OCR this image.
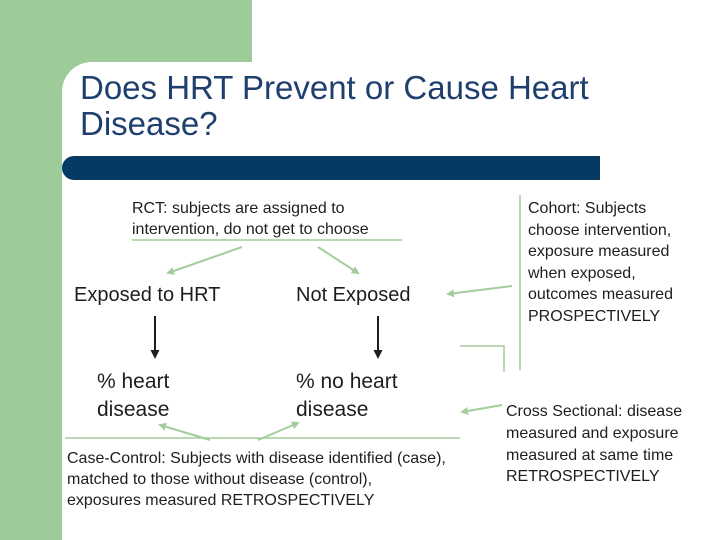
Does HRT Prevent or Cause Heart
Disease?
RCT: subjects are assigned to
intervention, do not get to choose
Cohort: Subjects
choose intervention,
exposure measured
when exposed,
outcomes measured
PROSPECTIVELY
Exposed to HRT	Not Exposed
% heart
disease
% no heart
disease	Cross Sectional: disease
measured and exposure
measured at same time
RETROSPECTIVELY
Case-Control: Subjects with disease identified (case),
matched to those without disease (control),
exposures measured RETROSPECTIVELY
